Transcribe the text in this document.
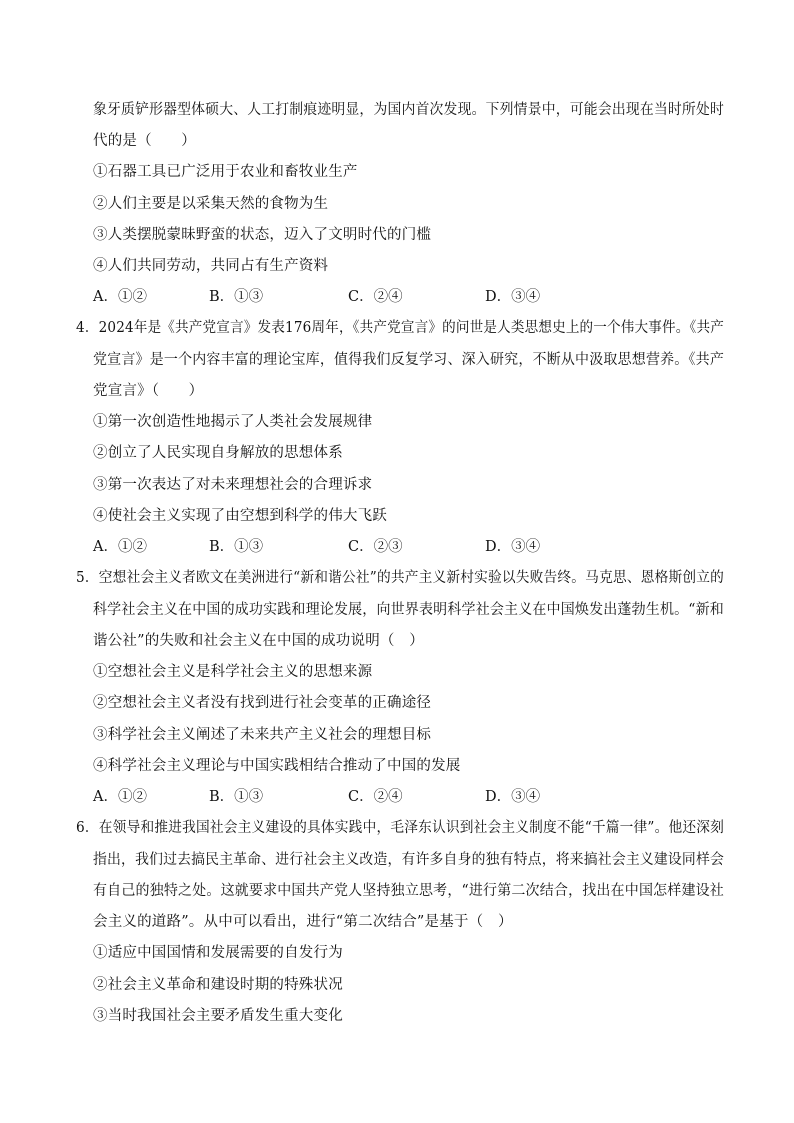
象牙质铲形器型体硕大、人工打制痕迹明显，为国内首次发现。下列情景中，可能会出现在当时所处时
代的是（　　）
①石器工具已广泛用于农业和畜牧业生产
②人们主要是以采集天然的食物为生
③人类摆脱蒙昧野蛮的状态，迈入了文明时代的门槛
④人们共同劳动，共同占有生产资料
A．①②	B．①③	C．②④	D．③④
4．2024年是《共产党宣言》发表176周年，《共产党宣言》的问世是人类思想史上的一个伟大事件。《共产
党宣言》是一个内容丰富的理论宝库，值得我们反复学习、深入研究，不断从中汲取思想营养。《共产
党宣言》（　　）
①第一次创造性地揭示了人类社会发展规律
②创立了人民实现自身解放的思想体系
③第一次表达了对未来理想社会的合理诉求
④使社会主义实现了由空想到科学的伟大飞跃
A．①②	B．①③	C．②③	D．③④
5．空想社会主义者欧文在美洲进行“新和谐公社”的共产主义新村实验以失败告终。马克思、恩格斯创立的
科学社会主义在中国的成功实践和理论发展，向世界表明科学社会主义在中国焕发出蓬勃生机。“新和
谐公社”的失败和社会主义在中国的成功说明（　）
①空想社会主义是科学社会主义的思想来源
②空想社会主义者没有找到进行社会变革的正确途径
③科学社会主义阐述了未来共产主义社会的理想目标
④科学社会主义理论与中国实践相结合推动了中国的发展
A．①②	B．①③	C．②④	D．③④
6．在领导和推进我国社会主义建设的具体实践中，毛泽东认识到社会主义制度不能“千篇一律”。他还深刻
指出，我们过去搞民主革命、进行社会主义改造，有许多自身的独有特点，将来搞社会主义建设同样会
有自己的独特之处。这就要求中国共产党人坚持独立思考，“进行第二次结合，找出在中国怎样建设社
会主义的道路”。从中可以看出，进行“第二次结合”是基于（　）
①适应中国国情和发展需要的自发行为
②社会主义革命和建设时期的特殊状况
③当时我国社会主要矛盾发生重大变化
